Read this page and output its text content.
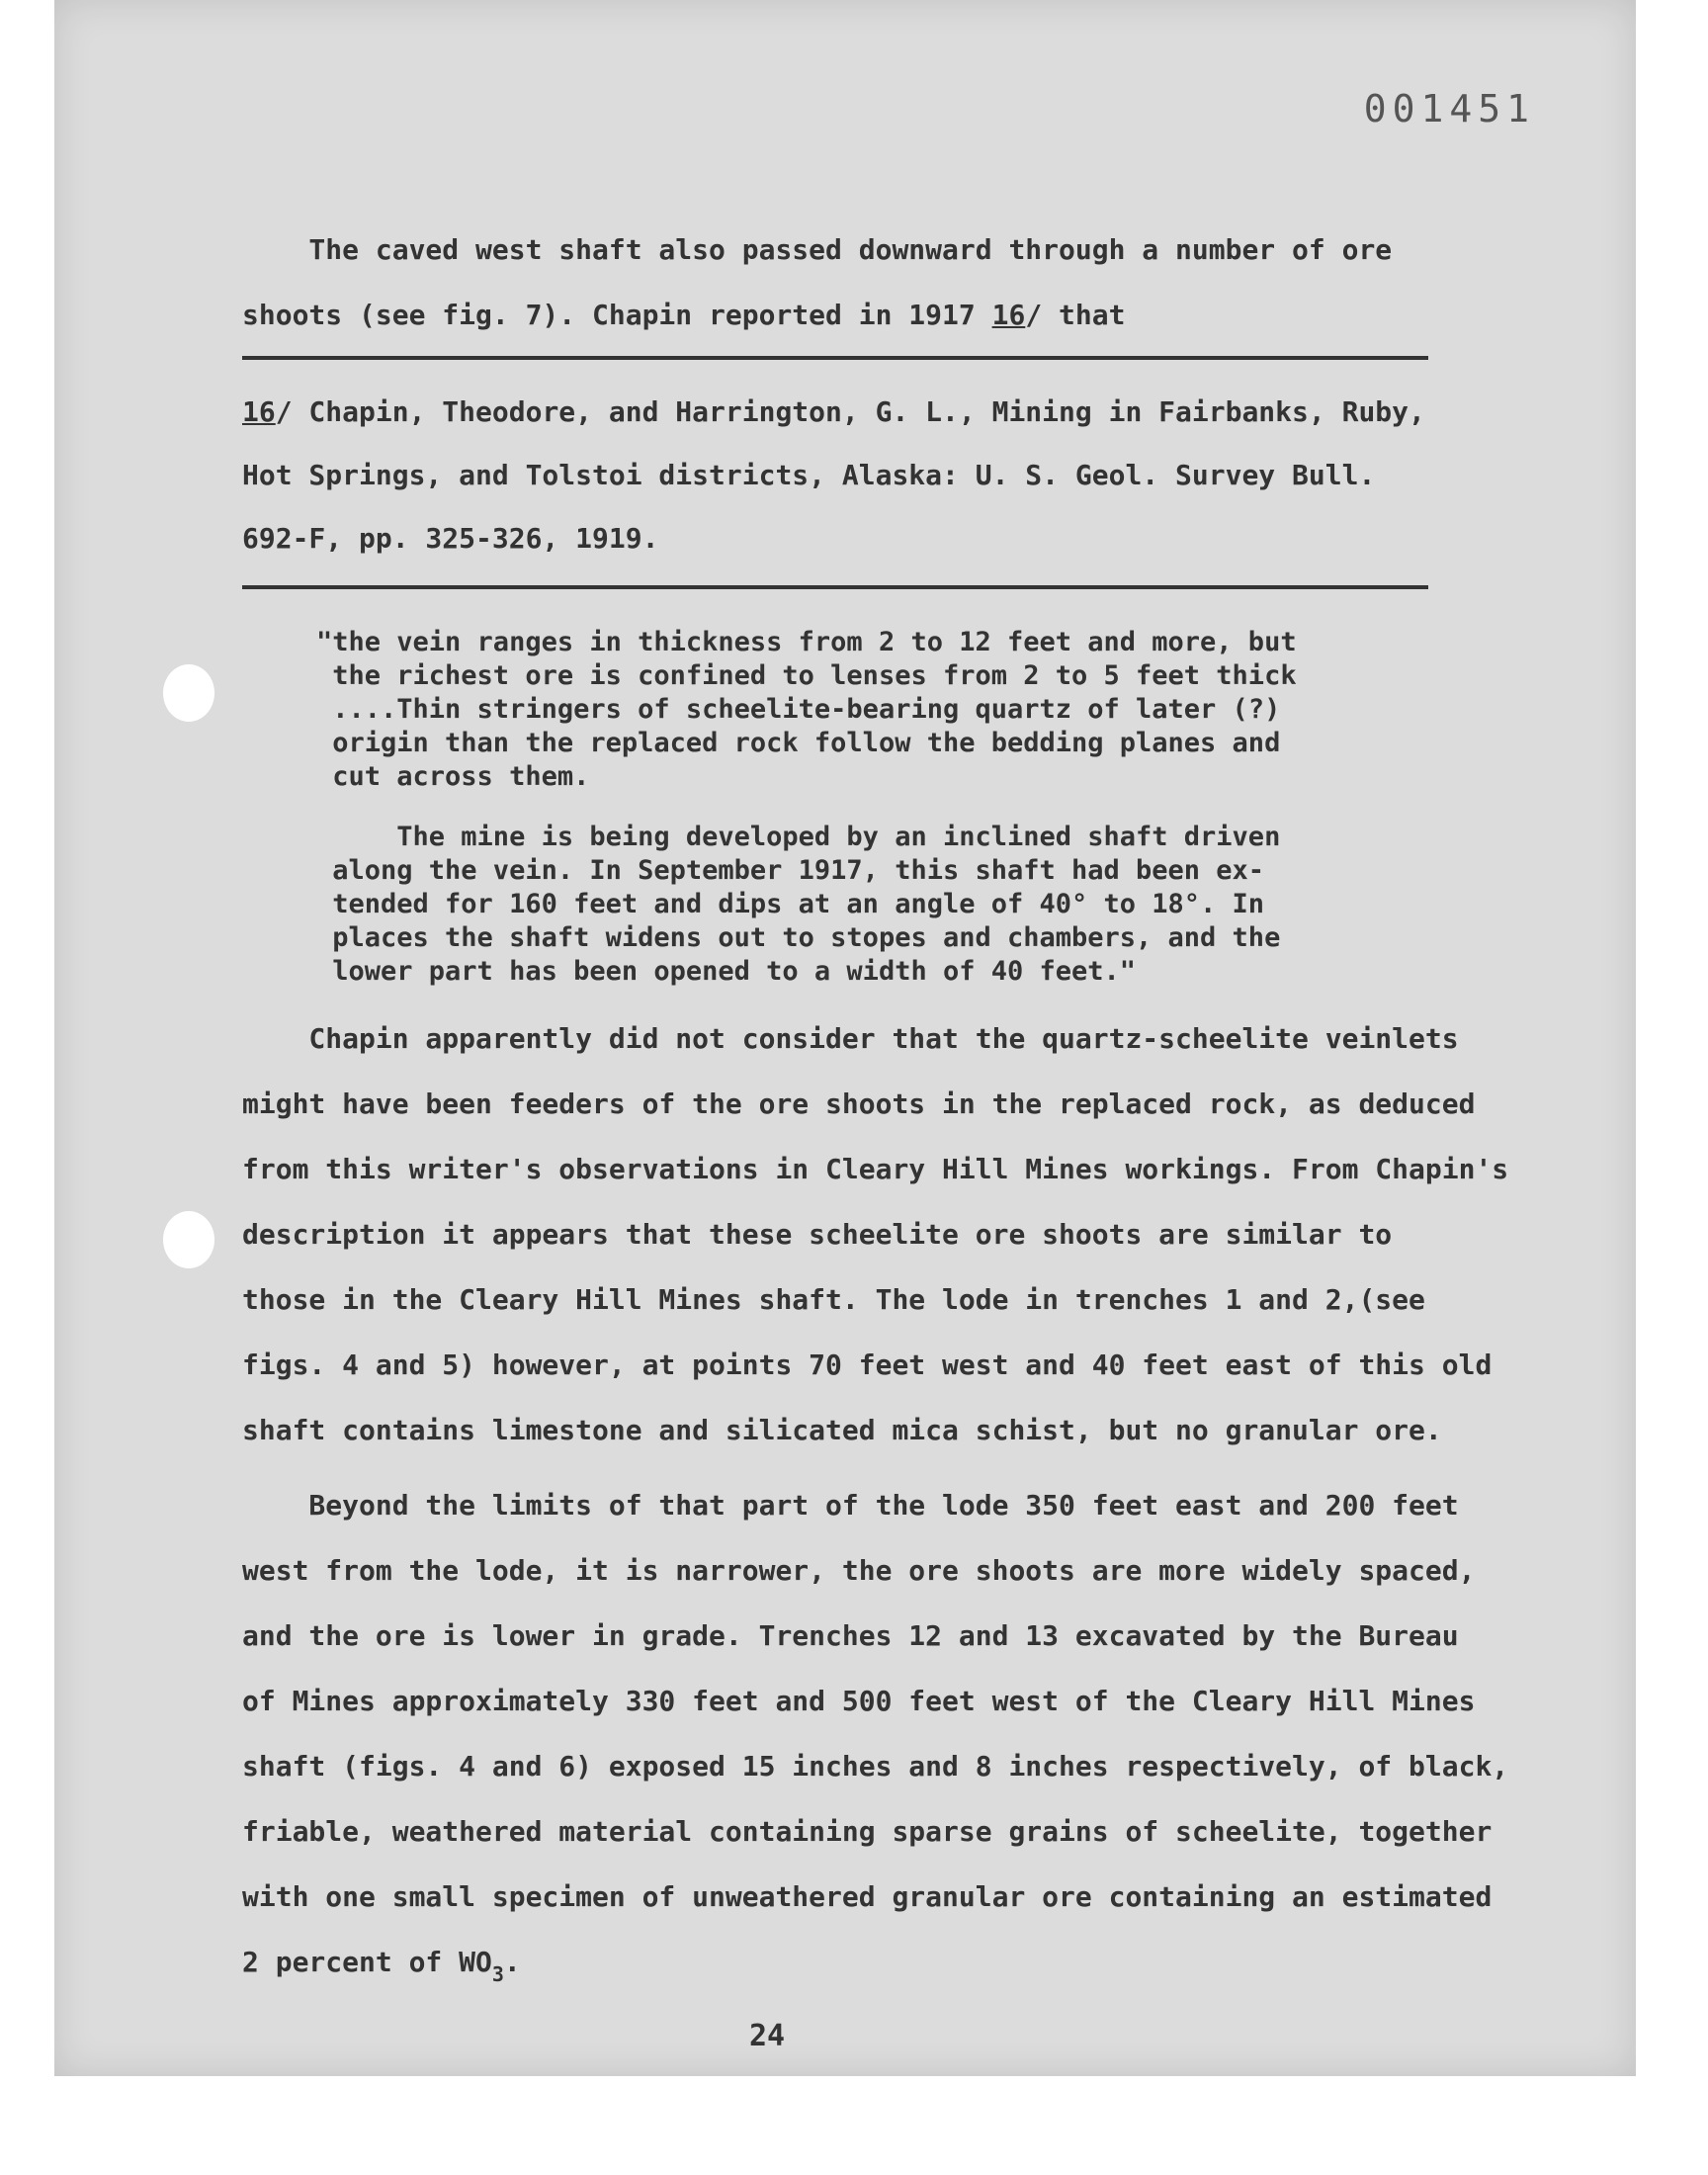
001451
The caved west shaft also passed downward through a number of ore
shoots (see fig. 7). Chapin reported in 1917 16/ that
16/ Chapin, Theodore, and Harrington, G. L., Mining in Fairbanks, Ruby,
Hot Springs, and Tolstoi districts, Alaska: U. S. Geol. Survey Bull.
692-F, pp. 325-326, 1919.
"the vein ranges in thickness from 2 to 12 feet and more, but
the richest ore is confined to lenses from 2 to 5 feet thick
....Thin stringers of scheelite-bearing quartz of later (?)
origin than the replaced rock follow the bedding planes and
cut across them.
The mine is being developed by an inclined shaft driven
along the vein. In September 1917, this shaft had been ex-
tended for 160 feet and dips at an angle of 40° to 18°. In
places the shaft widens out to stopes and chambers, and the
lower part has been opened to a width of 40 feet."
Chapin apparently did not consider that the quartz-scheelite veinlets
might have been feeders of the ore shoots in the replaced rock, as deduced
from this writer's observations in Cleary Hill Mines workings. From Chapin's
description it appears that these scheelite ore shoots are similar to
those in the Cleary Hill Mines shaft. The lode in trenches 1 and 2,(see
figs. 4 and 5) however, at points 70 feet west and 40 feet east of this old
shaft contains limestone and silicated mica schist, but no granular ore.
Beyond the limits of that part of the lode 350 feet east and 200 feet
west from the lode, it is narrower, the ore shoots are more widely spaced,
and the ore is lower in grade. Trenches 12 and 13 excavated by the Bureau
of Mines approximately 330 feet and 500 feet west of the Cleary Hill Mines
shaft (figs. 4 and 6) exposed 15 inches and 8 inches respectively, of black,
friable, weathered material containing sparse grains of scheelite, together
with one small specimen of unweathered granular ore containing an estimated
2 percent of $WO_3$.
24
